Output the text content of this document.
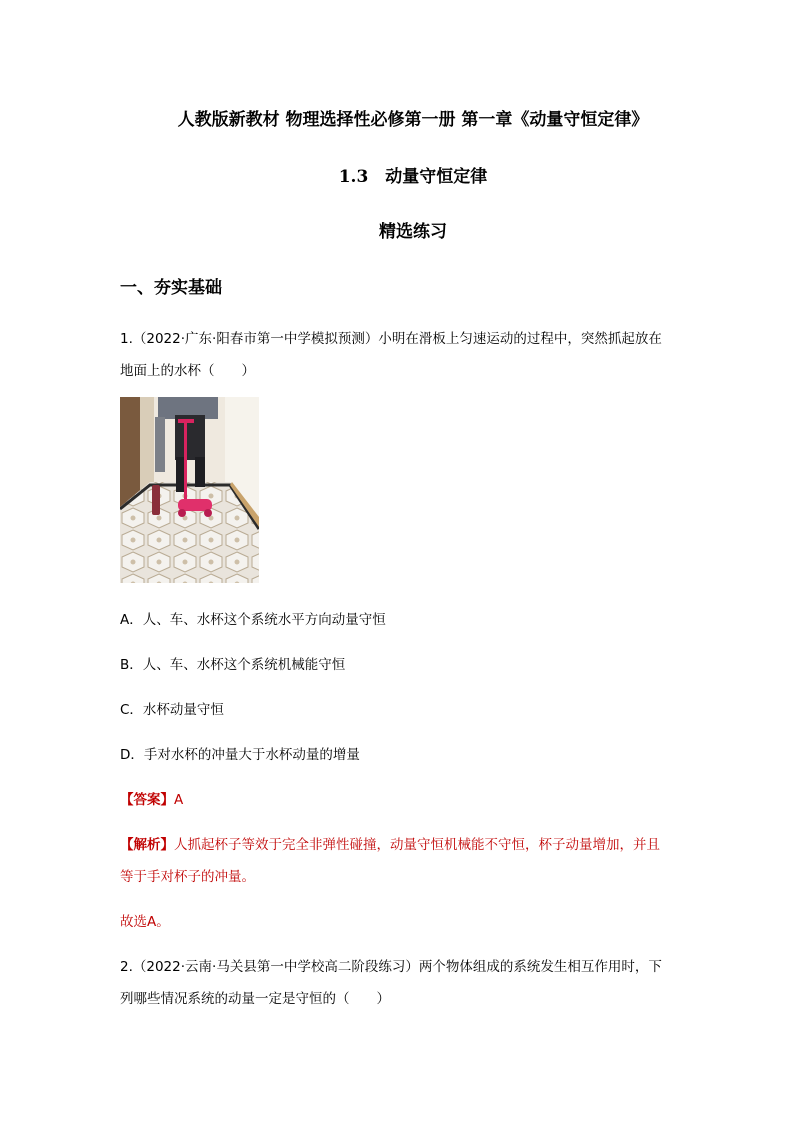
人教版新教材 物理选择性必修第一册 第一章《动量守恒定律》
1.3　动量守恒定律
精选练习
一、夯实基础
1.（2022·广东·阳春市第一中学模拟预测）小明在滑板上匀速运动的过程中，突然抓起放在
地面上的水杯（　　）
A．人、车、水杯这个系统水平方向动量守恒
B．人、车、水杯这个系统机械能守恒
C．水杯动量守恒
D．手对水杯的冲量大于水杯动量的增量
【答案】A
【解析】人抓起杯子等效于完全非弹性碰撞，动量守恒机械能不守恒，杯子动量增加，并且
等于手对杯子的冲量。
故选A。
2.（2022·云南·马关县第一中学校高二阶段练习）两个物体组成的系统发生相互作用时，下
列哪些情况系统的动量一定是守恒的（　　）
